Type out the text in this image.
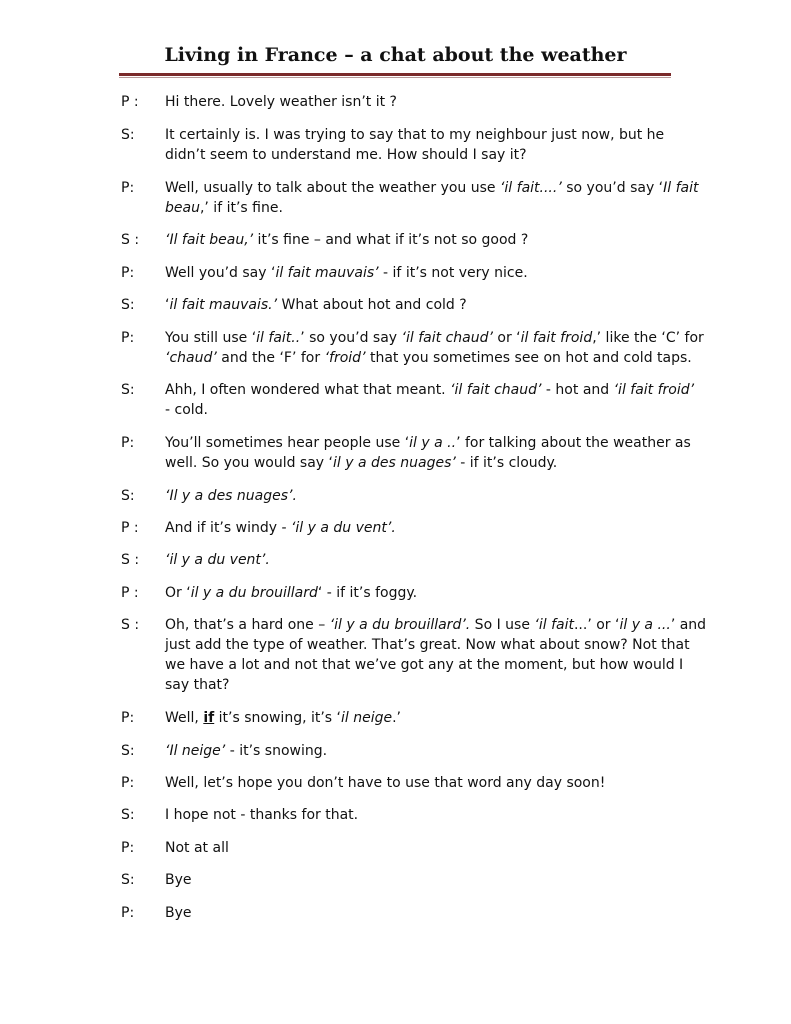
Living in France – a chat about the weather
P : Hi there. Lovely weather isn’t it ?
S: It certainly is. I was trying to say that to my neighbour just now, but he
didn’t seem to understand me. How should I say it?
P: Well, usually to talk about the weather you use ‘il fait....’ so you’d say ‘Il fait
beau,’ if it’s fine.
S : ‘Il fait beau,’ it’s fine – and what if it’s not so good ?
P: Well you’d say ‘il fait mauvais’ - if it’s not very nice.
S: ‘il fait mauvais.’ What about hot and cold ?
P: You still use ‘il fait..’ so you’d say ‘il fait chaud’ or ‘il fait froid,’ like the ‘C’ for
‘chaud’ and the ‘F’ for ‘froid’ that you sometimes see on hot and cold taps.
S: Ahh, I often wondered what that meant. ‘il fait chaud’ - hot and ‘il fait froid’
- cold.
P: You’ll sometimes hear people use ‘il y a ..’ for talking about the weather as
well. So you would say ‘il y a des nuages’ - if it’s cloudy.
S: ‘Il y a des nuages’.
P : And if it’s windy - ‘il y a du vent’.
S : ‘il y a du vent’.
P : Or ‘il y a du brouillard‘ - if it’s foggy.
S : Oh, that’s a hard one – ‘il y a du brouillard’. So I use ‘il fait...’ or ‘il y a ...’ and
just add the type of weather. That’s great. Now what about snow? Not that
we have a lot and not that we’ve got any at the moment, but how would I
say that?
P: Well, if it’s snowing, it’s ‘il neige.’
S: ‘Il neige’ - it’s snowing.
P: Well, let’s hope you don’t have to use that word any day soon!
S: I hope not - thanks for that.
P: Not at all
S: Bye
P: Bye
